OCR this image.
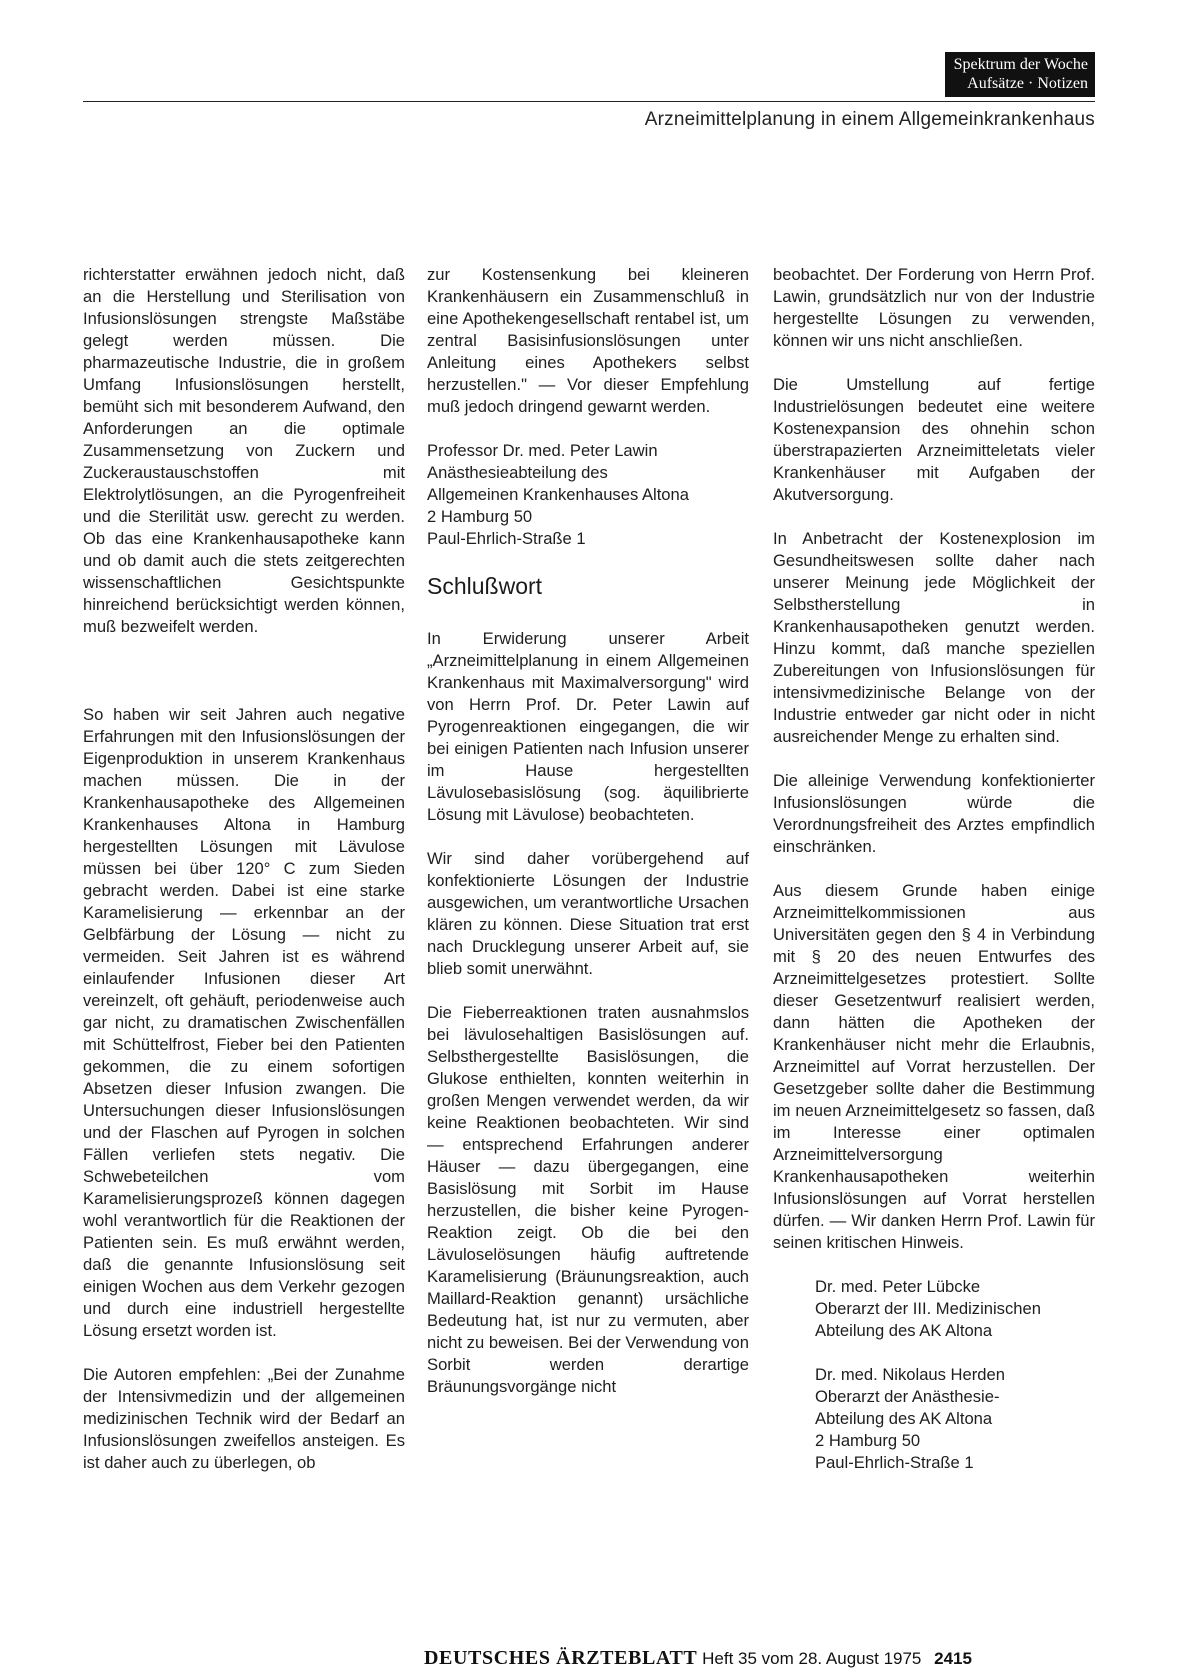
Spektrum der Woche
Aufsätze · Notizen
Arzneimittelplanung in einem Allgemeinkrankenhaus

richterstatter erwähnen jedoch nicht, daß an die Herstellung und Sterilisation von Infusionslösungen strengste Maßstäbe gelegt werden müssen. Die pharmazeutische Industrie, die in großem Umfang Infusionslösungen herstellt, bemüht sich mit besonderem Aufwand, den Anforderungen an die optimale Zusammensetzung von Zuckern und Zuckeraustauschstoffen mit Elektrolytlösungen, an die Pyrogenfreiheit und die Sterilität usw. gerecht zu werden. Ob das eine Krankenhausapotheke kann und ob damit auch die stets zeitgerechten wissenschaftlichen Gesichtspunkte hinreichend berücksichtigt werden können, muß bezweifelt werden.

So haben wir seit Jahren auch negative Erfahrungen mit den Infusionslösungen der Eigenproduktion in unserem Krankenhaus machen müssen. Die in der Krankenhausapotheke des Allgemeinen Krankenhauses Altona in Hamburg hergestellten Lösungen mit Lävulose müssen bei über 120° C zum Sieden gebracht werden. Dabei ist eine starke Karamelisierung — erkennbar an der Gelbfärbung der Lösung — nicht zu vermeiden. Seit Jahren ist es während einlaufender Infusionen dieser Art vereinzelt, oft gehäuft, periodenweise auch gar nicht, zu dramatischen Zwischenfällen mit Schüttelfrost, Fieber bei den Patienten gekommen, die zu einem sofortigen Absetzen dieser Infusion zwangen. Die Untersuchungen dieser Infusionslösungen und der Flaschen auf Pyrogen in solchen Fällen verliefen stets negativ. Die Schwebeteilchen vom Karamelisierungsprozeß können dagegen wohl verantwortlich für die Reaktionen der Patienten sein. Es muß erwähnt werden, daß die genannte Infusionslösung seit einigen Wochen aus dem Verkehr gezogen und durch eine industriell hergestellte Lösung ersetzt worden ist.

Die Autoren empfehlen: „Bei der Zunahme der Intensivmedizin und der allgemeinen medizinischen Technik wird der Bedarf an Infusionslösungen zweifellos ansteigen. Es ist daher auch zu überlegen, ob

zur Kostensenkung bei kleineren Krankenhäusern ein Zusammenschluß in eine Apothekengesellschaft rentabel ist, um zentral Basisinfusionslösungen unter Anleitung eines Apothekers selbst herzustellen." — Vor dieser Empfehlung muß jedoch dringend gewarnt werden.

Professor Dr. med. Peter Lawin
Anästhesieabteilung des
Allgemeinen Krankenhauses Altona
2 Hamburg 50
Paul-Ehrlich-Straße 1

Schlußwort

In Erwiderung unserer Arbeit „Arzneimittelplanung in einem Allgemeinen Krankenhaus mit Maximalversorgung" wird von Herrn Prof. Dr. Peter Lawin auf Pyrogenreaktionen eingegangen, die wir bei einigen Patienten nach Infusion unserer im Hause hergestellten Lävulosebasislösung (sog. äquilibrierte Lösung mit Lävulose) beobachteten.

Wir sind daher vorübergehend auf konfektionierte Lösungen der Industrie ausgewichen, um verantwortliche Ursachen klären zu können. Diese Situation trat erst nach Drucklegung unserer Arbeit auf, sie blieb somit unerwähnt.

Die Fieberreaktionen traten ausnahmslos bei lävulosehaltigen Basislösungen auf. Selbsthergestellte Basislösungen, die Glukose enthielten, konnten weiterhin in großen Mengen verwendet werden, da wir keine Reaktionen beobachteten. Wir sind — entsprechend Erfahrungen anderer Häuser — dazu übergegangen, eine Basislösung mit Sorbit im Hause herzustellen, die bisher keine Pyrogen-Reaktion zeigt. Ob die bei den Lävuloselösungen häufig auftretende Karamelisierung (Bräunungsreaktion, auch Maillard-Reaktion genannt) ursächliche Bedeutung hat, ist nur zu vermuten, aber nicht zu beweisen. Bei der Verwendung von Sorbit werden derartige Bräunungsvorgänge nicht

beobachtet. Der Forderung von Herrn Prof. Lawin, grundsätzlich nur von der Industrie hergestellte Lösungen zu verwenden, können wir uns nicht anschließen.

Die Umstellung auf fertige Industrielösungen bedeutet eine weitere Kostenexpansion des ohnehin schon überstrapazierten Arzneimitteletats vieler Krankenhäuser mit Aufgaben der Akutversorgung.

In Anbetracht der Kostenexplosion im Gesundheitswesen sollte daher nach unserer Meinung jede Möglichkeit der Selbstherstellung in Krankenhausapotheken genutzt werden. Hinzu kommt, daß manche speziellen Zubereitungen von Infusionslösungen für intensivmedizinische Belange von der Industrie entweder gar nicht oder in nicht ausreichender Menge zu erhalten sind.

Die alleinige Verwendung konfektionierter Infusionslösungen würde die Verordnungsfreiheit des Arztes empfindlich einschränken.

Aus diesem Grunde haben einige Arzneimittelkommissionen aus Universitäten gegen den § 4 in Verbindung mit § 20 des neuen Entwurfes des Arzneimittelgesetzes protestiert. Sollte dieser Gesetzentwurf realisiert werden, dann hätten die Apotheken der Krankenhäuser nicht mehr die Erlaubnis, Arzneimittel auf Vorrat herzustellen. Der Gesetzgeber sollte daher die Bestimmung im neuen Arzneimittelgesetz so fassen, daß im Interesse einer optimalen Arzneimittelversorgung Krankenhausapotheken weiterhin Infusionslösungen auf Vorrat herstellen dürfen. — Wir danken Herrn Prof. Lawin für seinen kritischen Hinweis.

Dr. med. Peter Lübcke
Oberarzt der III. Medizinischen
Abteilung des AK Altona

Dr. med. Nikolaus Herden
Oberarzt der Anästhesie-
Abteilung des AK Altona
2 Hamburg 50
Paul-Ehrlich-Straße 1

DEUTSCHES ÄRZTEBLATT Heft 35 vom 28. August 1975 2415
